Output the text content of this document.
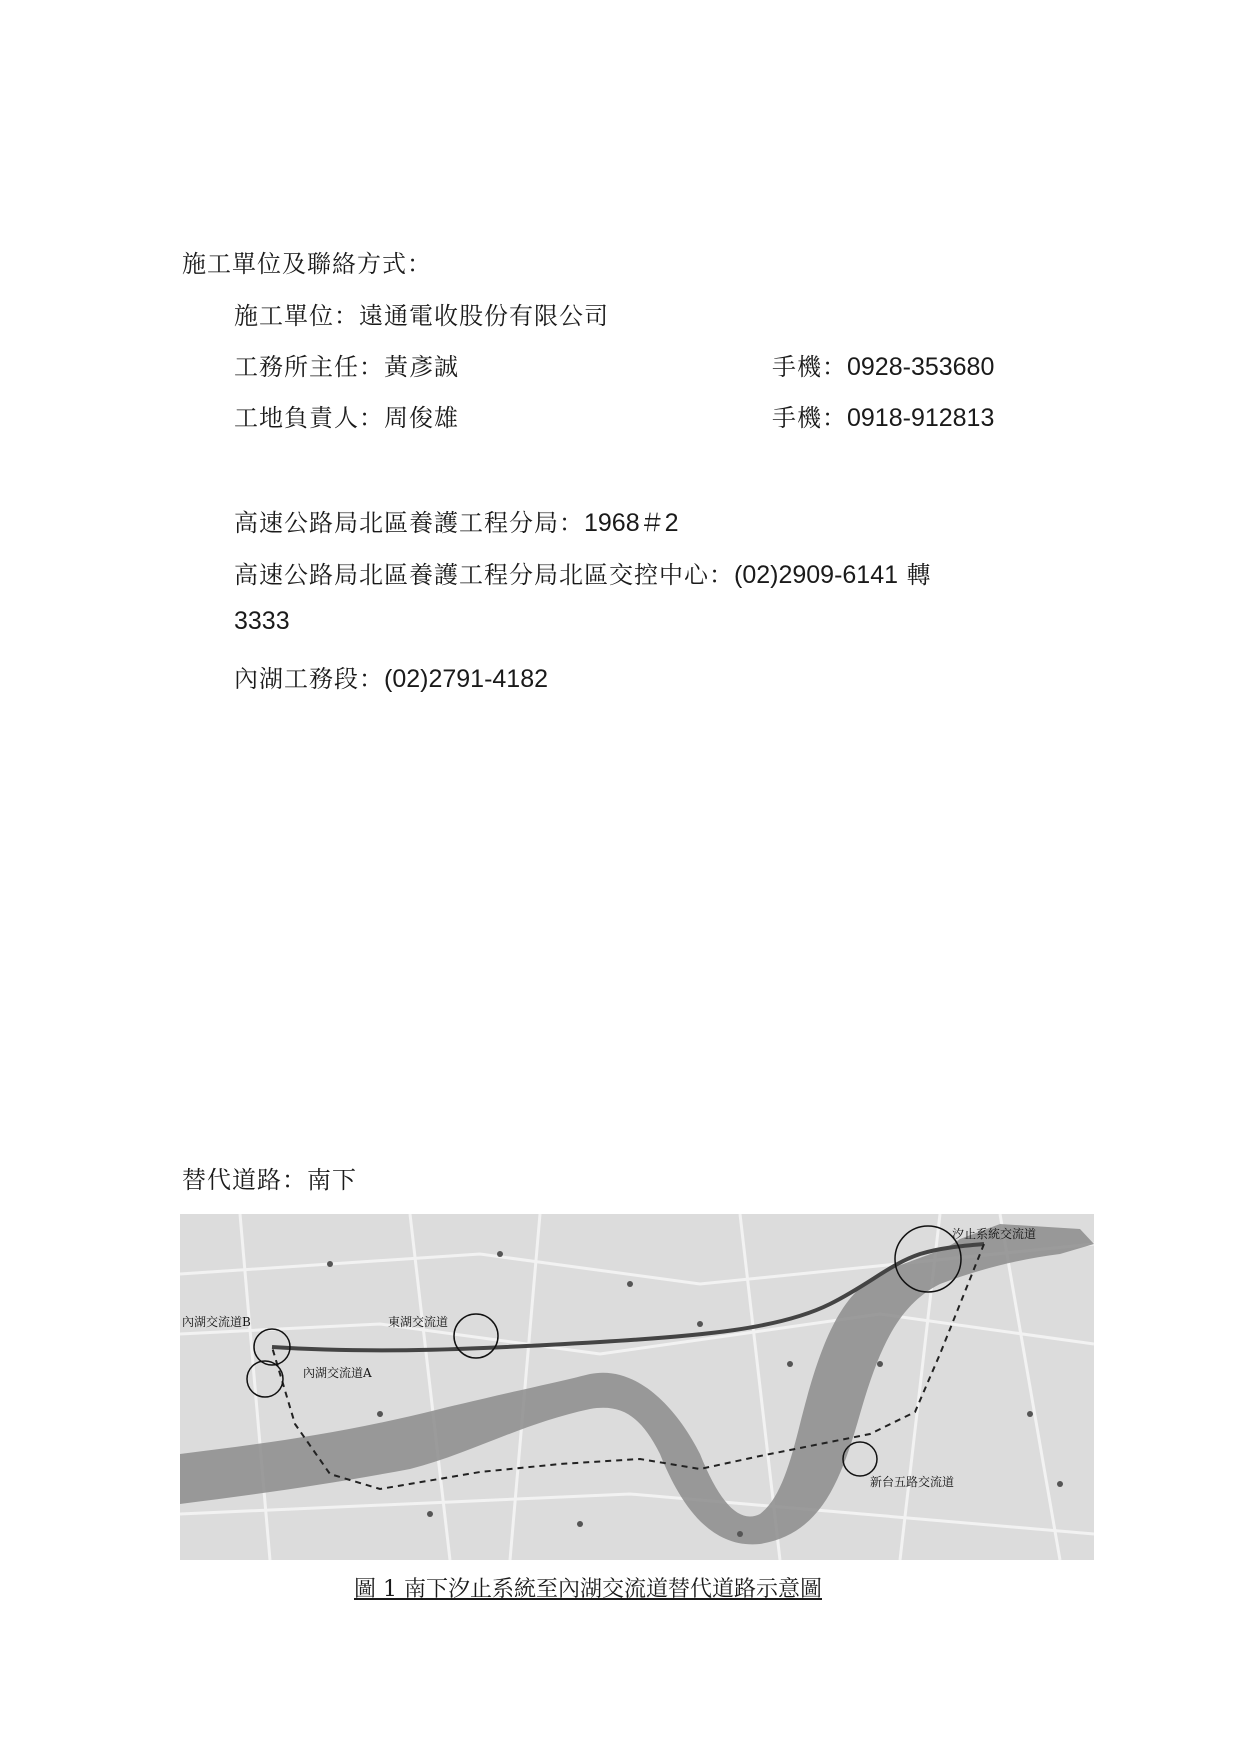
施工單位及聯絡方式：
施工單位：遠通電收股份有限公司
工務所主任：黃彥誠	手機：0928-353680
工地負責人：周俊雄	手機：0918-912813
高速公路局北區養護工程分局：1968＃2
高速公路局北區養護工程分局北區交控中心：(02)2909-6141 轉
3333
內湖工務段：(02)2791-4182
替代道路：南下
汐止系統交流道
內湖交流道B	東湖交流道
內湖交流道A
新台五路交流道
圖 1 南下汐止系統至內湖交流道替代道路示意圖
